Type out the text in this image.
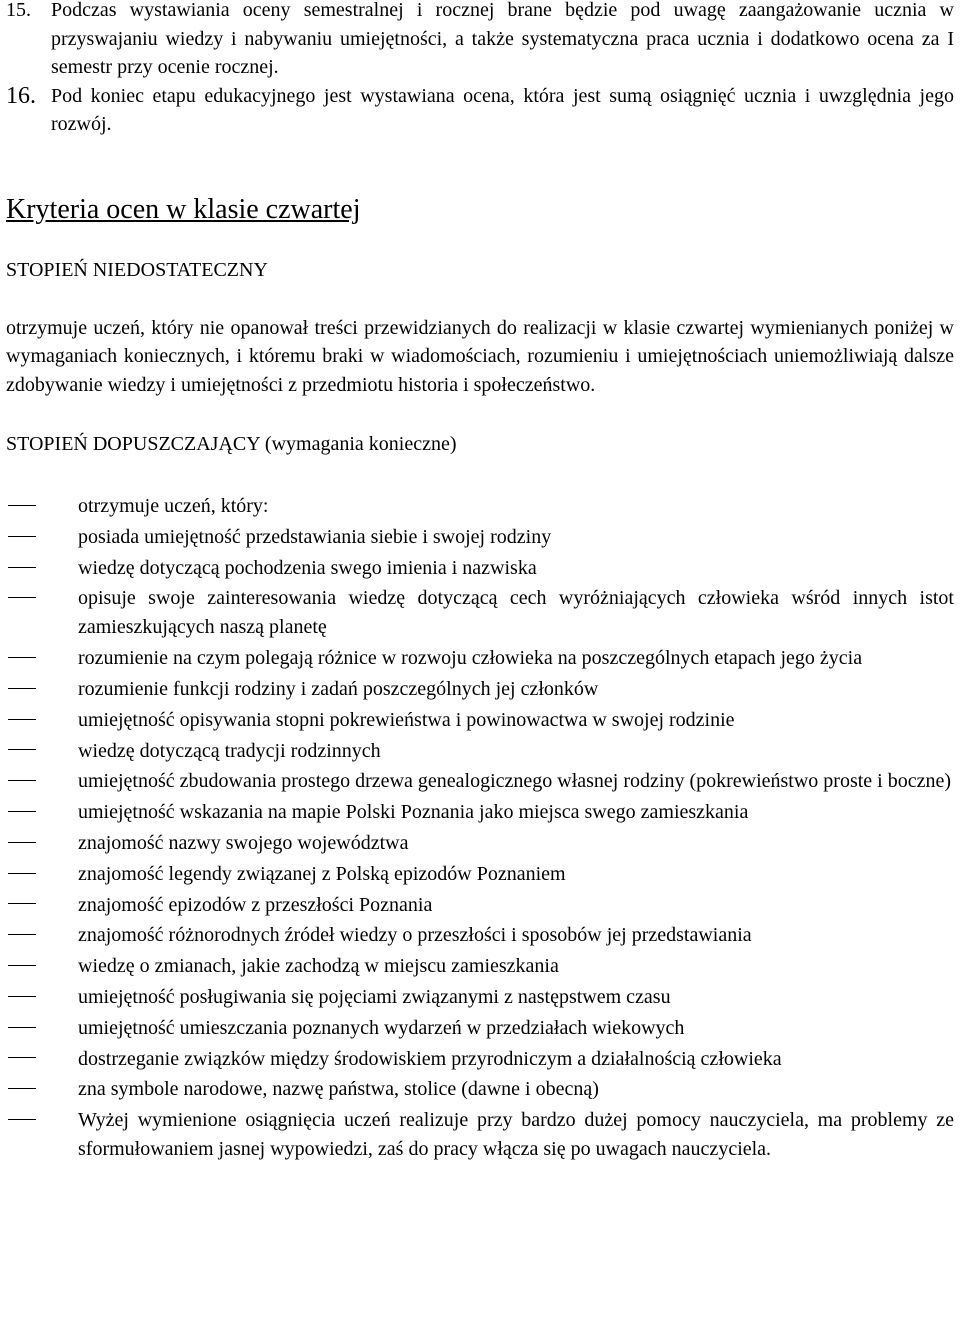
15.	Podczas wystawiania oceny semestralnej i rocznej brane będzie pod uwagę zaangażowanie ucznia w przyswajaniu wiedzy i nabywaniu umiejętności, a także systematyczna praca ucznia i dodatkowo ocena za I semestr przy ocenie rocznej.
16. Pod koniec etapu edukacyjnego jest wystawiana ocena, która jest sumą osiągnięć ucznia i uwzględnia jego rozwój.
Kryteria ocen w klasie czwartej
STOPIEŃ NIEDOSTATECZNY
otrzymuje uczeń, który nie opanował treści przewidzianych do realizacji w klasie czwartej wymienianych poniżej w wymaganiach koniecznych, i któremu braki w wiadomościach, rozumieniu i umiejętnościach uniemożliwiają dalsze zdobywanie wiedzy i umiejętności z przedmiotu historia i społeczeństwo.
STOPIEŃ DOPUSZCZAJĄCY (wymagania konieczne)
otrzymuje uczeń, który:
posiada umiejętność przedstawiania siebie i swojej rodziny
wiedzę dotyczącą pochodzenia swego imienia i nazwiska
opisuje swoje zainteresowania wiedzę dotyczącą cech wyróżniających człowieka wśród innych istot zamieszkujących naszą planetę
rozumienie na czym polegają różnice w rozwoju człowieka na poszczególnych etapach jego życia
rozumienie funkcji rodziny i zadań poszczególnych jej członków
umiejętność opisywania stopni pokrewieństwa i powinowactwa w swojej rodzinie
wiedzę dotyczącą tradycji rodzinnych
umiejętność zbudowania prostego drzewa genealogicznego własnej rodziny (pokrewieństwo proste i boczne)
umiejętność wskazania na mapie Polski Poznania jako miejsca swego zamieszkania
znajomość nazwy swojego województwa
znajomość legendy związanej z Polską epizodów Poznaniem
znajomość epizodów z przeszłości Poznania
znajomość różnorodnych źródeł wiedzy o przeszłości i sposobów jej przedstawiania
wiedzę o zmianach, jakie zachodzą w miejscu zamieszkania
umiejętność posługiwania się pojęciami związanymi z następstwem czasu
umiejętność umieszczania poznanych wydarzeń w przedziałach wiekowych
dostrzeganie związków między środowiskiem przyrodniczym a działalnością człowieka
zna symbole narodowe, nazwę państwa, stolice (dawne i obecną)
Wyżej wymienione osiągnięcia uczeń realizuje przy bardzo dużej pomocy nauczyciela, ma problemy ze sformułowaniem jasnej wypowiedzi, zaś do pracy włącza się po uwagach nauczyciela.
